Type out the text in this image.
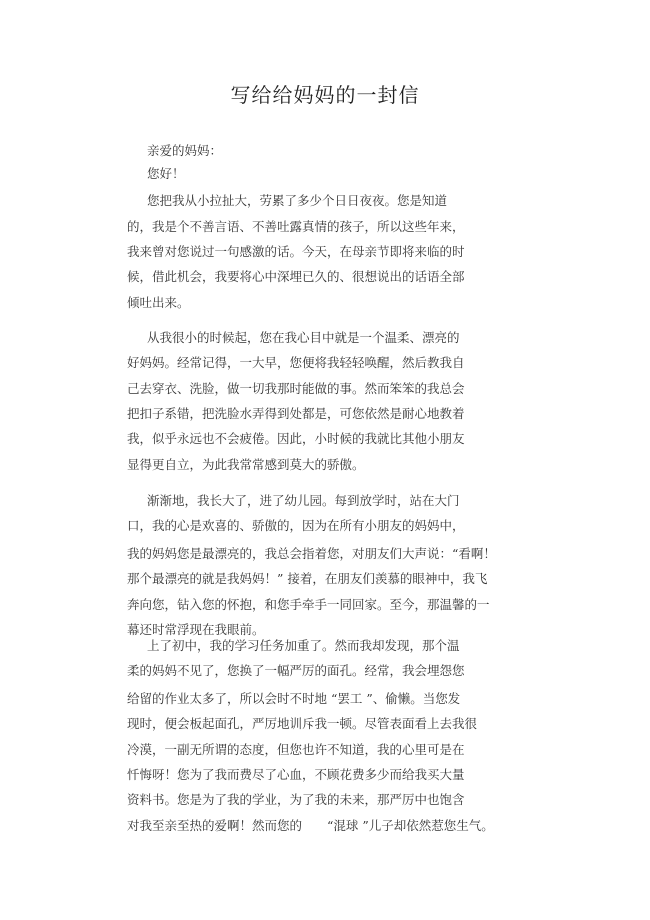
写给给妈妈的一封信
亲爱的妈妈：
您好！
您把我从小拉扯大，劳累了多少个日日夜夜。您是知道
的，我是个不善言语、不善吐露真情的孩子，所以这些年来，
我来曾对您说过一句感激的话。今天，在母亲节即将来临的时
候，借此机会，我要将心中深埋已久的、很想说出的话语全部
倾吐出来。
从我很小的时候起，您在我心目中就是一个温柔、漂亮的
好妈妈。经常记得，一大早，您便将我轻轻唤醒，然后教我自
己去穿衣、洗脸，做一切我那时能做的事。然而笨笨的我总会
把扣子系错，把洗脸水弄得到处都是，可您依然是耐心地教着
我，似乎永远也不会疲倦。因此，小时候的我就比其他小朋友
显得更自立，为此我常常感到莫大的骄傲。
渐渐地，我长大了，进了幼儿园。每到放学时，站在大门
口，我的心是欢喜的、骄傲的，因为在所有小朋友的妈妈中，
我的妈妈您是最漂亮的，我总会指着您，对朋友们大声说：“看啊！
那个最漂亮的就是我妈妈！” 接着，在朋友们羡慕的眼神中，我飞
奔向您，钻入您的怀抱，和您手牵手一同回家。至今，那温馨的一
幕还时常浮现在我眼前。
上了初中，我的学习任务加重了。然而我却发现，那个温
柔的妈妈不见了，您换了一幅严厉的面孔。经常，我会埋怨您
给留的作业太多了，所以会时不时地 “罢工 ”、偷懒。当您发
现时，便会板起面孔，严厉地训斥我一顿。尽管表面看上去我很
冷漠，一副无所谓的态度，但您也许不知道，我的心里可是在
忏悔呀！您为了我而费尽了心血，不顾花费多少而给我买大量
资料书。您是为了我的学业，为了我的未来，那严厉中也饱含
对我至亲至热的爱啊！然而您的　　“混球 ”儿子却依然惹您生气。
